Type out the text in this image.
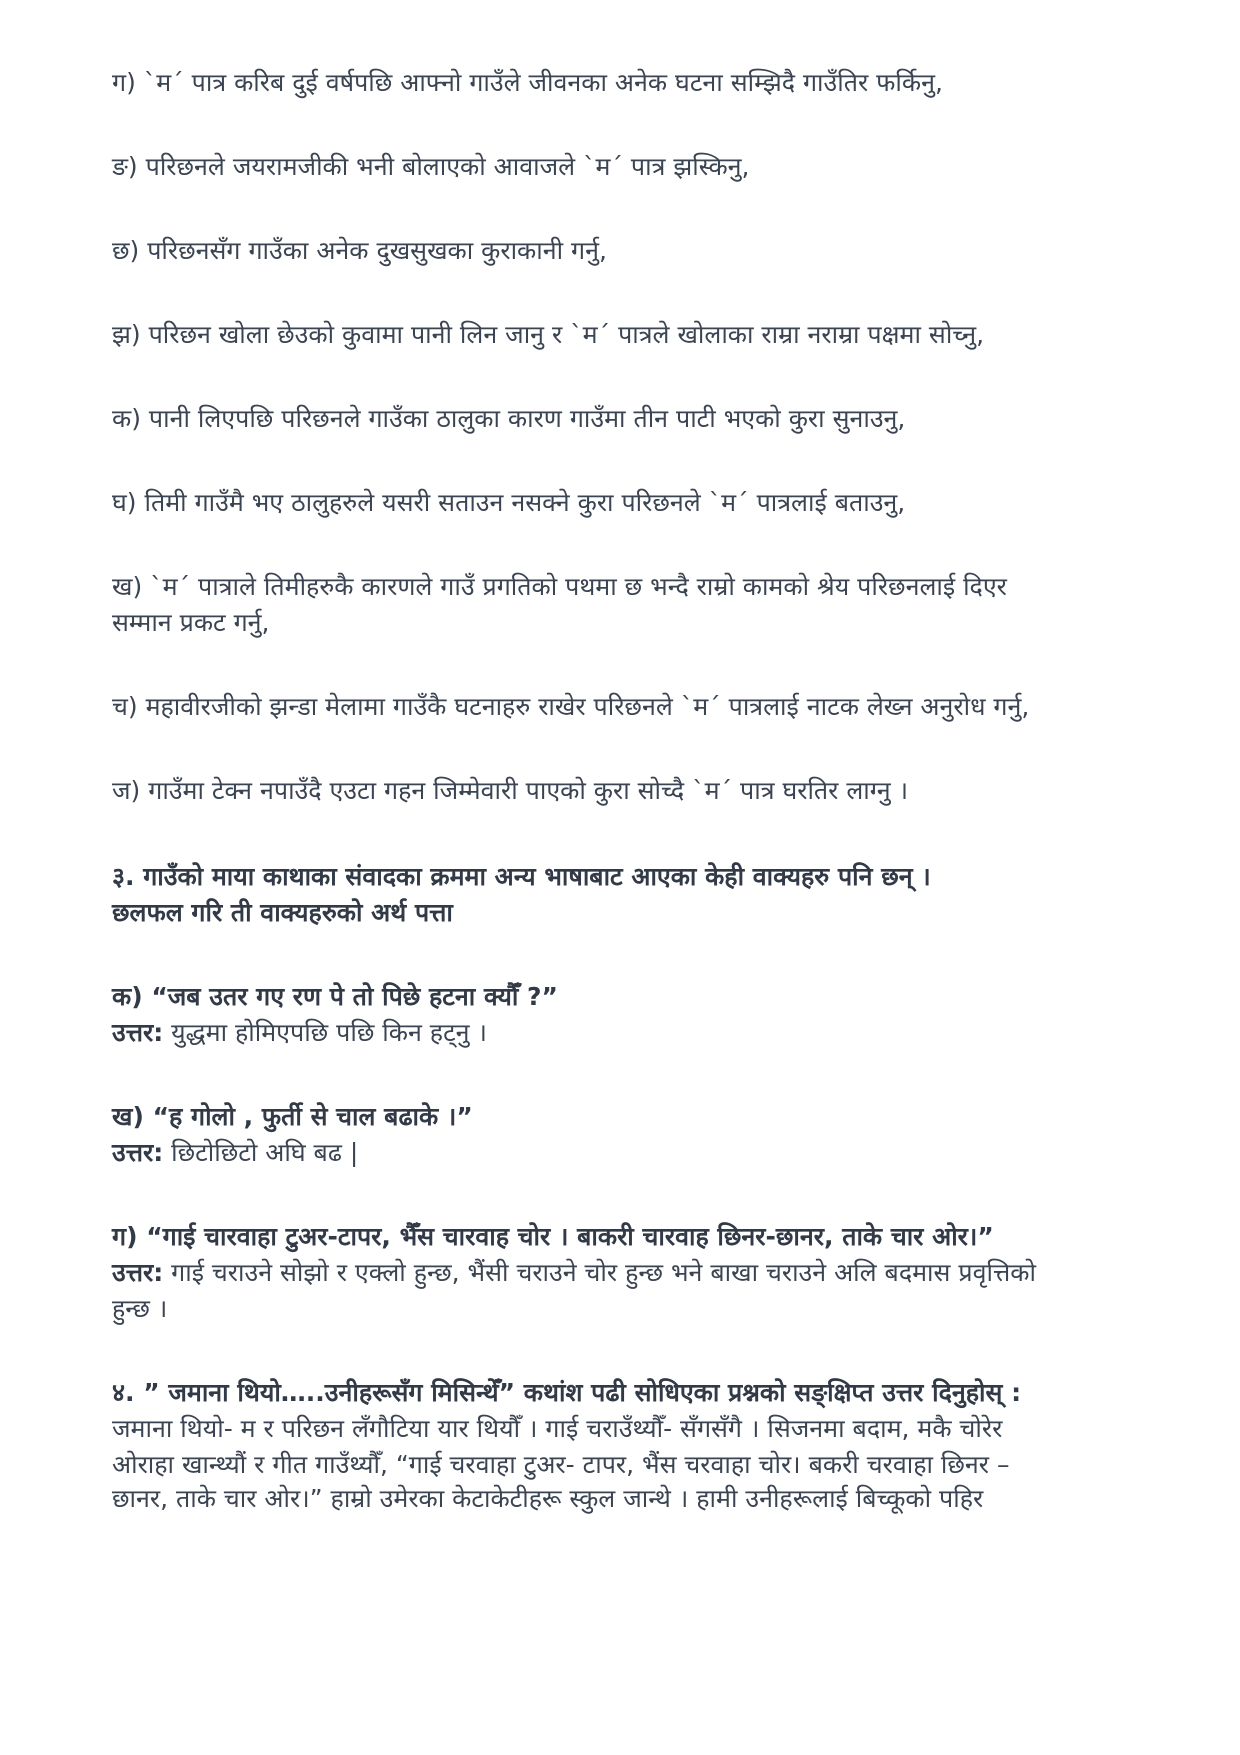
ग) `म´ पात्र करिब दुई वर्षपछि आफ्नो गाउँले जीवनका अनेक घटना सम्झिदै गाउँतिर फर्किनु,
ङ) परिछनले जयरामजीकी भनी बोलाएको आवाजले `म´ पात्र झस्किनु,
छ) परिछनसँग गाउँका अनेक दुखसुखका कुराकानी गर्नु,
झ) परिछन खोला छेउको कुवामा पानी लिन जानु र `म´ पात्रले खोलाका राम्रा नराम्रा पक्षमा सोच्नु,
क) पानी लिएपछि परिछनले गाउँका ठालुका कारण गाउँमा तीन पाटी भएको कुरा सुनाउनु,
घ) तिमी गाउँमै भए ठालुहरुले यसरी सताउन नसक्ने कुरा परिछनले `म´ पात्रलाई बताउनु,
ख) `म´ पात्राले तिमीहरुकै कारणले गाउँ प्रगतिको पथमा छ भन्दै राम्रो कामको श्रेय परिछनलाई दिएर
सम्मान प्रकट गर्नु,
च) महावीरजीको झन्डा मेलामा गाउँकै घटनाहरु राखेर परिछनले `म´ पात्रलाई नाटक लेख्न अनुरोध गर्नु,
ज) गाउँमा टेक्न नपाउँदै एउटा गहन जिम्मेवारी पाएको कुरा सोच्दै `म´ पात्र घरतिर लाग्नु ।
३. गाउँको माया काथाका संवादका क्रममा अन्य भाषाबाट आएका केही वाक्यहरु पनि छन् ।
छलफल गरि ती वाक्यहरुको अर्थ पत्ता
क) “जब उतर गए रण पे तो पिछे हटना क्यौँ ?”
उत्तर: युद्धमा होमिएपछि पछि किन हट्नु ।
ख) “ह गोलो , फुर्ती से चाल बढाके ।”
उत्तर: छिटोछिटो अघि बढ |
ग) “गाई चारवाहा टुअर-टापर, भैँस चारवाह चोर । बाकरी चारवाह छिनर-छानर, ताके चार ओर।”
उत्तर: गाई चराउने सोझो र एक्लो हुन्छ, भैंसी चराउने चोर हुन्छ भने बाखा चराउने अलि बदमास प्रवृत्तिको
हुन्छ ।
४. ” जमाना थियो…..उनीहरूसँग मिसिन्थेँ” कथांश पढी सोधिएका प्रश्नको सङ्क्षिप्त उत्तर दिनुहोस् :
जमाना थियो- म र परिछन लँगौटिया यार थियौँ । गाई चराउँथ्यौँ- सँगसँगै । सिजनमा बदाम, मकै चोरेर
ओराहा खान्थ्यौं र गीत गाउँथ्यौँ, “गाई चरवाहा टुअर- टापर, भैंस चरवाहा चोर। बकरी चरवाहा छिनर –
छानर, ताके चार ओर।” हाम्रो उमेरका केटाकेटीहरू स्कुल जान्थे । हामी उनीहरूलाई बिच्कूको पहिर
